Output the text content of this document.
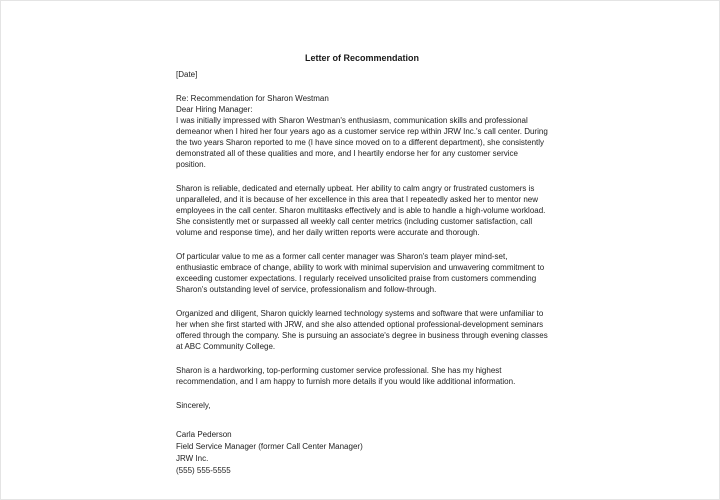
Letter of Recommendation

[Date]

Re: Recommendation for Sharon Westman

Dear Hiring Manager:

I was initially impressed with Sharon Westman's enthusiasm, communication skills and professional demeanor when I hired her four years ago as a customer service rep within JRW Inc.'s call center. During the two years Sharon reported to me (I have since moved on to a different department), she consistently demonstrated all of these qualities and more, and I heartily endorse her for any customer service position.

Sharon is reliable, dedicated and eternally upbeat. Her ability to calm angry or frustrated customers is unparalleled, and it is because of her excellence in this area that I repeatedly asked her to mentor new employees in the call center. Sharon multitasks effectively and is able to handle a high-volume workload. She consistently met or surpassed all weekly call center metrics (including customer satisfaction, call volume and response time), and her daily written reports were accurate and thorough.

Of particular value to me as a former call center manager was Sharon's team player mind-set, enthusiastic embrace of change, ability to work with minimal supervision and unwavering commitment to exceeding customer expectations. I regularly received unsolicited praise from customers commending Sharon's outstanding level of service, professionalism and follow-through.

Organized and diligent, Sharon quickly learned technology systems and software that were unfamiliar to her when she first started with JRW, and she also attended optional professional-development seminars offered through the company. She is pursuing an associate's degree in business through evening classes at ABC Community College.

Sharon is a hardworking, top-performing customer service professional. She has my highest recommendation, and I am happy to furnish more details if you would like additional information.

Sincerely,

Carla Pederson

Field Service Manager (former Call Center Manager)

JRW Inc.

(555) 555-5555
